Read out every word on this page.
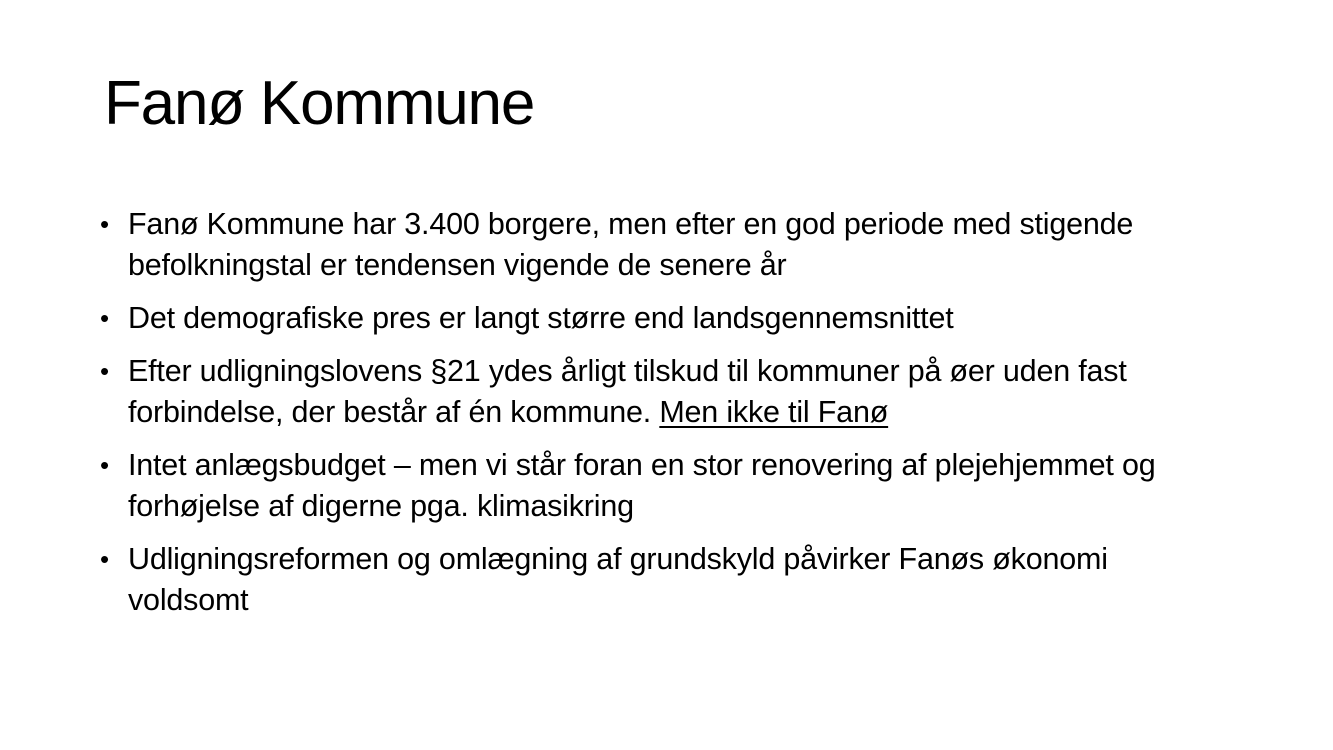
Fanø Kommune
• Fanø Kommune har 3.400 borgere, men efter en god periode med stigende befolkningstal er tendensen vigende de senere år
• Det demografiske pres er langt større end landsgennemsnittet
• Efter udligningslovens §21 ydes årligt tilskud til kommuner på øer uden fast forbindelse, der består af én kommune. Men ikke til Fanø
• Intet anlægsbudget – men vi står foran en stor renovering af plejehjemmet og forhøjelse af digerne pga. klimasikring
• Udligningsreformen og omlægning af grundskyld påvirker Fanøs økonomi voldsomt
